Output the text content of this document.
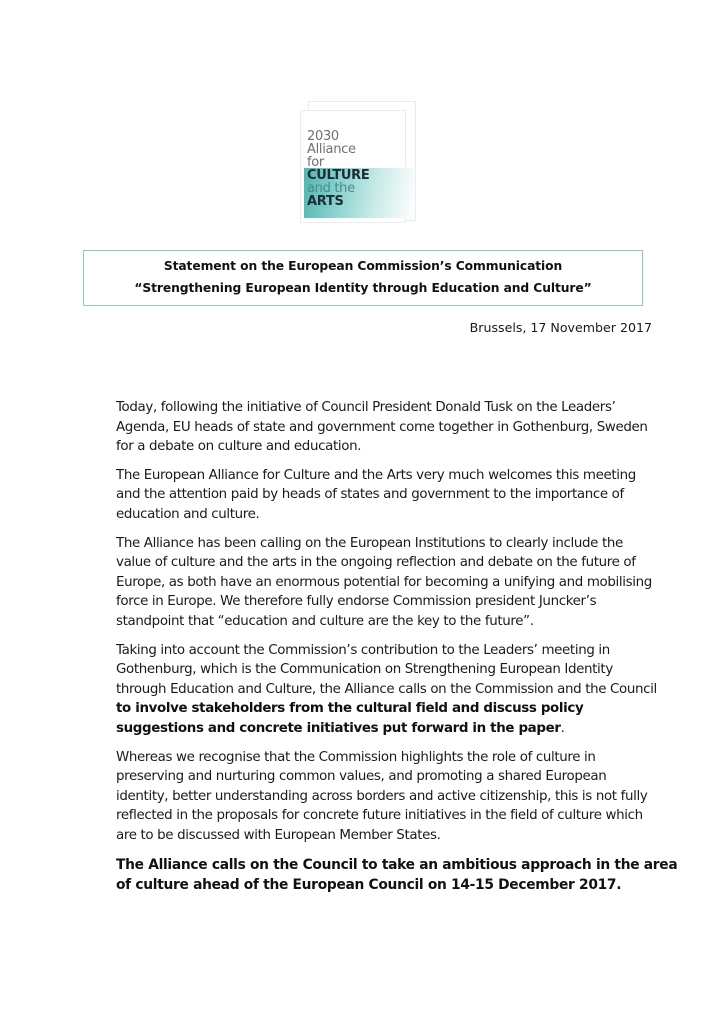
2030
Alliance
for
CULTURE
and the
ARTS
Statement on the European Commission’s Communication
“Strengthening European Identity through Education and Culture”
Brussels, 17 November 2017

Today, following the initiative of Council President Donald Tusk on the Leaders’
Agenda, EU heads of state and government come together in Gothenburg, Sweden
for a debate on culture and education.

The European Alliance for Culture and the Arts very much welcomes this meeting
and the attention paid by heads of states and government to the importance of
education and culture.

The Alliance has been calling on the European Institutions to clearly include the
value of culture and the arts in the ongoing reflection and debate on the future of
Europe, as both have an enormous potential for becoming a unifying and mobilising
force in Europe. We therefore fully endorse Commission president Juncker’s
standpoint that “education and culture are the key to the future”.

Taking into account the Commission’s contribution to the Leaders’ meeting in
Gothenburg, which is the Communication on Strengthening European Identity
through Education and Culture, the Alliance calls on the Commission and the Council
to involve stakeholders from the cultural field and discuss policy
suggestions and concrete initiatives put forward in the paper.

Whereas we recognise that the Commission highlights the role of culture in
preserving and nurturing common values, and promoting a shared European
identity, better understanding across borders and active citizenship, this is not fully
reflected in the proposals for concrete future initiatives in the field of culture which
are to be discussed with European Member States.

The Alliance calls on the Council to take an ambitious approach in the area
of culture ahead of the European Council on 14-15 December 2017.
